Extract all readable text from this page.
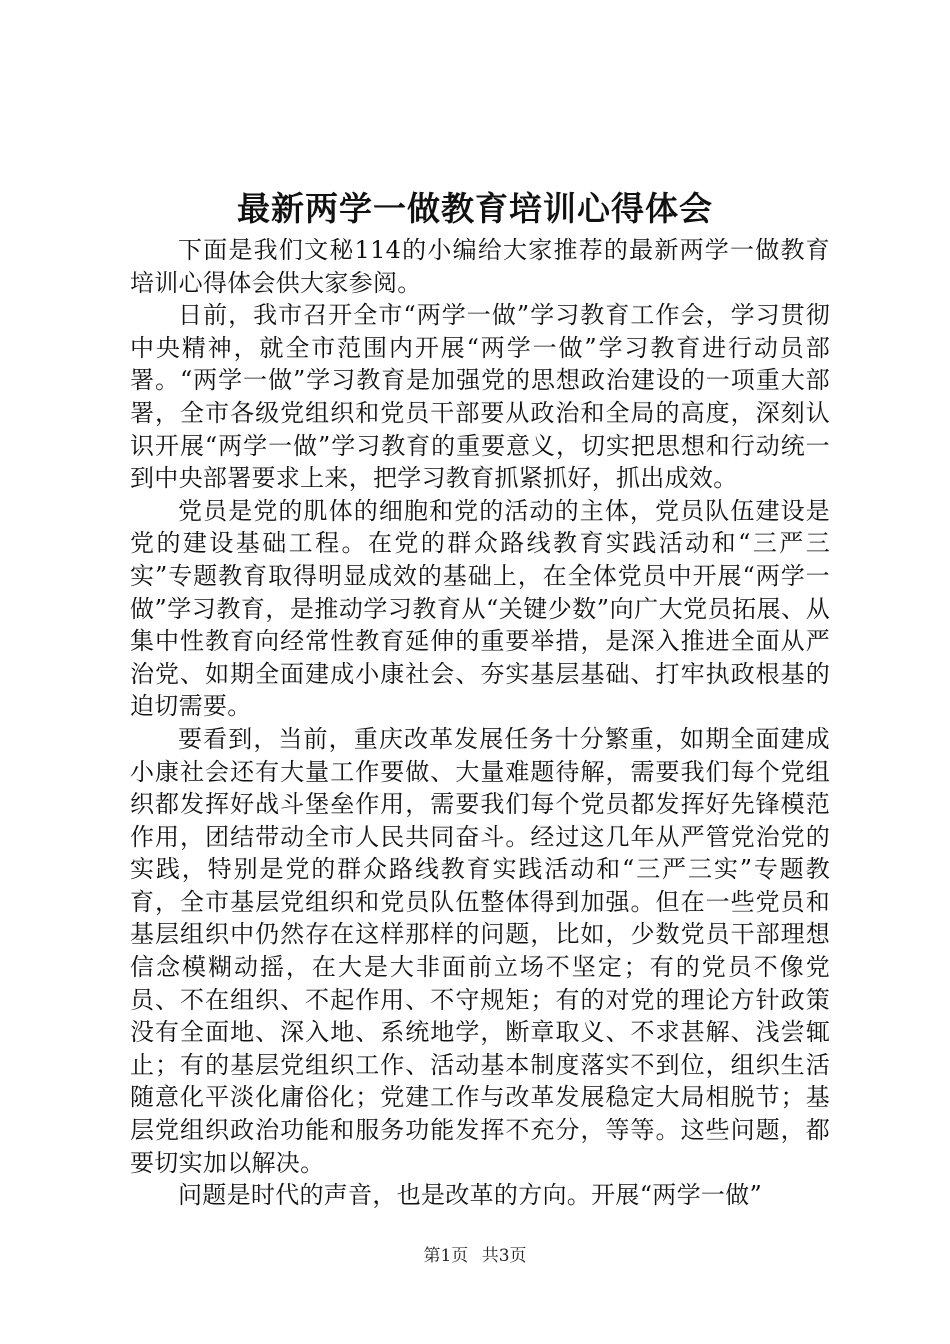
最新两学一做教育培训心得体会

下面是我们文秘114的小编给大家推荐的最新两学一做教育培训心得体会供大家参阅。

日前，我市召开全市“两学一做”学习教育工作会，学习贯彻中央精神，就全市范围内开展“两学一做”学习教育进行动员部署。“两学一做”学习教育是加强党的思想政治建设的一项重大部署，全市各级党组织和党员干部要从政治和全局的高度，深刻认识开展“两学一做”学习教育的重要意义，切实把思想和行动统一到中央部署要求上来，把学习教育抓紧抓好，抓出成效。

党员是党的肌体的细胞和党的活动的主体，党员队伍建设是党的建设基础工程。在党的群众路线教育实践活动和“三严三实”专题教育取得明显成效的基础上，在全体党员中开展“两学一做”学习教育，是推动学习教育从“关键少数”向广大党员拓展、从集中性教育向经常性教育延伸的重要举措，是深入推进全面从严治党、如期全面建成小康社会、夯实基层基础、打牢执政根基的迫切需要。

要看到，当前，重庆改革发展任务十分繁重，如期全面建成小康社会还有大量工作要做、大量难题待解，需要我们每个党组织都发挥好战斗堡垒作用，需要我们每个党员都发挥好先锋模范作用，团结带动全市人民共同奋斗。经过这几年从严管党治党的实践，特别是党的群众路线教育实践活动和“三严三实”专题教育，全市基层党组织和党员队伍整体得到加强。但在一些党员和基层组织中仍然存在这样那样的问题，比如，少数党员干部理想信念模糊动摇，在大是大非面前立场不坚定；有的党员不像党员、不在组织、不起作用、不守规矩；有的对党的理论方针政策没有全面地、深入地、系统地学，断章取义、不求甚解、浅尝辄止；有的基层党组织工作、活动基本制度落实不到位，组织生活随意化平淡化庸俗化；党建工作与改革发展稳定大局相脱节；基层党组织政治功能和服务功能发挥不充分，等等。这些问题，都要切实加以解决。

问题是时代的声音，也是改革的方向。开展“两学一做”

第1页 共3页
